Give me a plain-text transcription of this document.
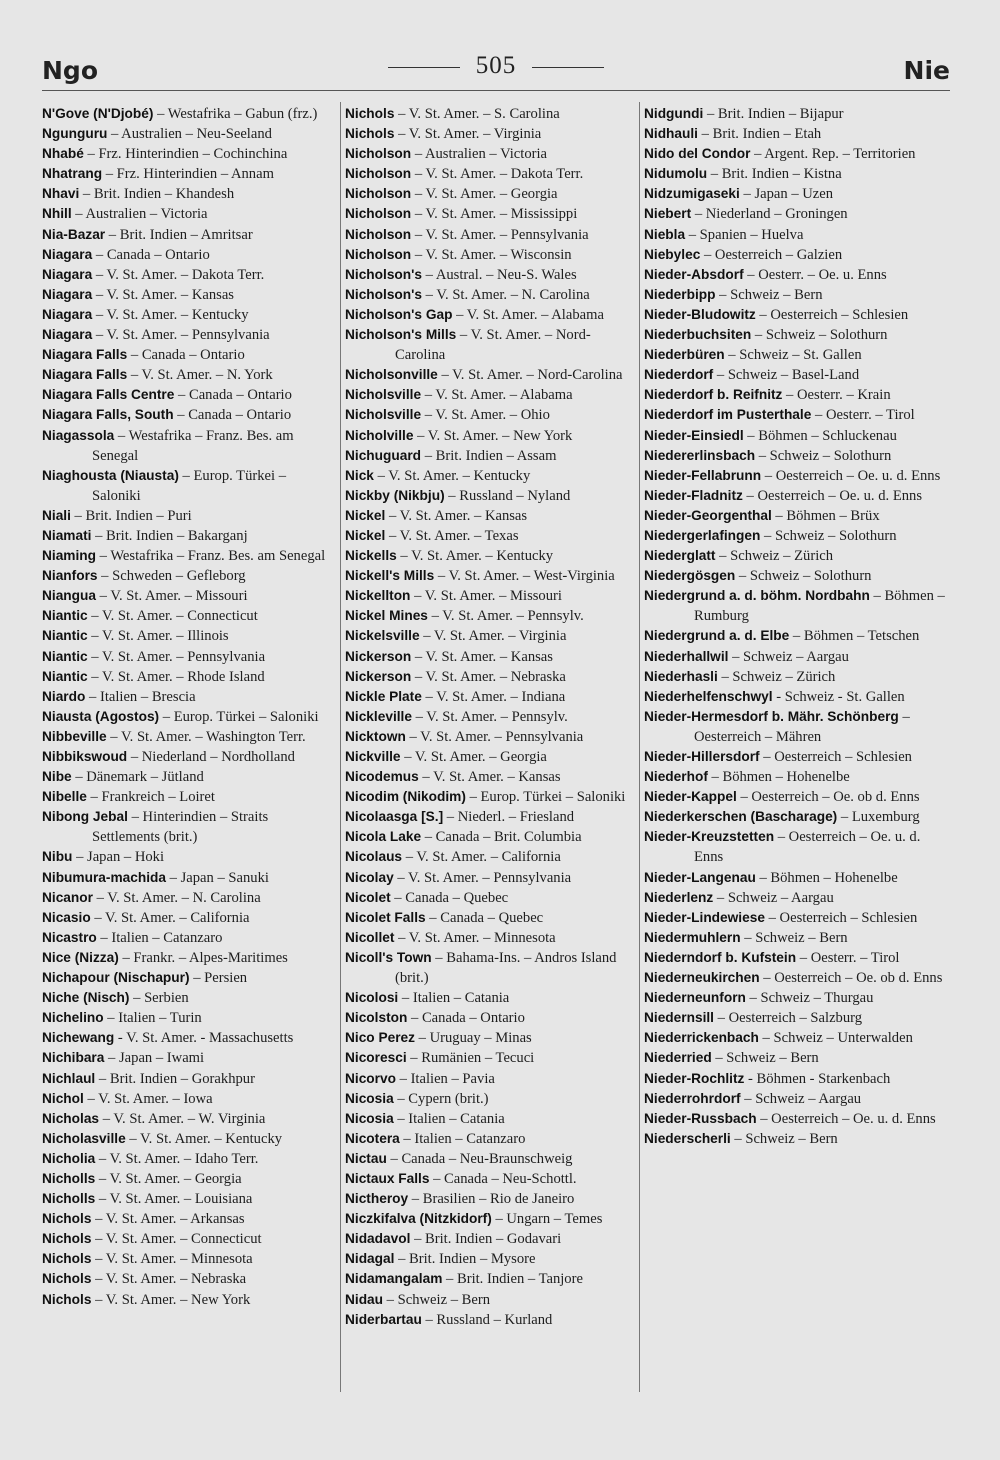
Ngo	505	Nie
N'Gove (N'Djobé) – Westafrika – Gabun (frz.)
Ngunguru – Australien – Neu-Seeland
Nhabé – Frz. Hinterindien – Cochinchina
Nhatrang – Frz. Hinterindien – Annam
Nhavi – Brit. Indien – Khandesh
Nhill – Australien – Victoria
Nia-Bazar – Brit. Indien – Amritsar
Niagara – Canada – Ontario
Niagara – V. St. Amer. – Dakota Terr.
Niagara – V. St. Amer. – Kansas
Niagara – V. St. Amer. – Kentucky
Niagara – V. St. Amer. – Pennsylvania
Niagara Falls – Canada – Ontario
Niagara Falls – V. St. Amer. – N. York
Niagara Falls Centre – Canada – Ontario
Niagara Falls, South – Canada – Ontario
Niagassola – Westafrika – Franz. Bes. am Senegal
Niaghousta (Niausta) – Europ. Türkei – Saloniki
Niali – Brit. Indien – Puri
Niamati – Brit. Indien – Bakarganj
Niaming – Westafrika – Franz. Bes. am Senegal
Nianfors – Schweden – Gefleborg
Niangua – V. St. Amer. – Missouri
Niantic – V. St. Amer. – Connecticut
Niantic – V. St. Amer. – Illinois
Niantic – V. St. Amer. – Pennsylvania
Niantic – V. St. Amer. – Rhode Island
Niardo – Italien – Brescia
Niausta (Agostos) – Europ. Türkei – Saloniki
Nibbeville – V. St. Amer. – Washington Terr.
Nibbikswoud – Niederland – Nordholland
Nibe – Dänemark – Jütland
Nibelle – Frankreich – Loiret
Nibong Jebal – Hinterindien – Straits Settlements (brit.)
Nibu – Japan – Hoki
Nibumura-machida – Japan – Sanuki
Nicanor – V. St. Amer. – N. Carolina
Nicasio – V. St. Amer. – California
Nicastro – Italien – Catanzaro
Nice (Nizza) – Frankr. – Alpes-Maritimes
Nichapour (Nischapur) – Persien
Niche (Nisch) – Serbien
Nichelino – Italien – Turin
Nichewang - V. St. Amer. - Massachusetts
Nichibara – Japan – Iwami
Nichlaul – Brit. Indien – Gorakhpur
Nichol – V. St. Amer. – Iowa
Nicholas – V. St. Amer. – W. Virginia
Nicholasville – V. St. Amer. – Kentucky
Nicholia – V. St. Amer. – Idaho Terr.
Nicholls – V. St. Amer. – Georgia
Nicholls – V. St. Amer. – Louisiana
Nichols – V. St. Amer. – Arkansas
Nichols – V. St. Amer. – Connecticut
Nichols – V. St. Amer. – Minnesota
Nichols – V. St. Amer. – Nebraska
Nichols – V. St. Amer. – New York
Nichols – V. St. Amer. – S. Carolina
Nichols – V. St. Amer. – Virginia
Nicholson – Australien – Victoria
Nicholson – V. St. Amer. – Dakota Terr.
Nicholson – V. St. Amer. – Georgia
Nicholson – V. St. Amer. – Mississippi
Nicholson – V. St. Amer. – Pennsylvania
Nicholson – V. St. Amer. – Wisconsin
Nicholson's – Austral. – Neu-S. Wales
Nicholson's – V. St. Amer. – N. Carolina
Nicholson's Gap – V. St. Amer. – Alabama
Nicholson's Mills – V. St. Amer. – Nord-Carolina
Nicholsonville – V. St. Amer. – Nord-Carolina
Nicholsville – V. St. Amer. – Alabama
Nicholsville – V. St. Amer. – Ohio
Nicholville – V. St. Amer. – New York
Nichuguard – Brit. Indien – Assam
Nick – V. St. Amer. – Kentucky
Nickby (Nikbju) – Russland – Nyland
Nickel – V. St. Amer. – Kansas
Nickel – V. St. Amer. – Texas
Nickells – V. St. Amer. – Kentucky
Nickell's Mills – V. St. Amer. – West-Virginia
Nickellton – V. St. Amer. – Missouri
Nickel Mines – V. St. Amer. – Pennsylv.
Nickelsville – V. St. Amer. – Virginia
Nickerson – V. St. Amer. – Kansas
Nickerson – V. St. Amer. – Nebraska
Nickle Plate – V. St. Amer. – Indiana
Nickleville – V. St. Amer. – Pennsylv.
Nicktown – V. St. Amer. – Pennsylvania
Nickville – V. St. Amer. – Georgia
Nicodemus – V. St. Amer. – Kansas
Nicodim (Nikodim) – Europ. Türkei – Saloniki
Nicolaasga [S.] – Niederl. – Friesland
Nicola Lake – Canada – Brit. Columbia
Nicolaus – V. St. Amer. – California
Nicolay – V. St. Amer. – Pennsylvania
Nicolet – Canada – Quebec
Nicolet Falls – Canada – Quebec
Nicollet – V. St. Amer. – Minnesota
Nicoll's Town – Bahama-Ins. – Andros Island (brit.)
Nicolosi – Italien – Catania
Nicolston – Canada – Ontario
Nico Perez – Uruguay – Minas
Nicoresci – Rumänien – Tecuci
Nicorvo – Italien – Pavia
Nicosia – Cypern (brit.)
Nicosia – Italien – Catania
Nicotera – Italien – Catanzaro
Nictau – Canada – Neu-Braunschweig
Nictaux Falls – Canada – Neu-Schottl.
Nictheroy – Brasilien – Rio de Janeiro
Niczkifalva (Nitzkidorf) – Ungarn – Temes
Nidadavol – Brit. Indien – Godavari
Nidagal – Brit. Indien – Mysore
Nidamangalam – Brit. Indien – Tanjore
Nidau – Schweiz – Bern
Niderbartau – Russland – Kurland
Nidgundi – Brit. Indien – Bijapur
Nidhauli – Brit. Indien – Etah
Nido del Condor – Argent. Rep. – Territorien
Nidumolu – Brit. Indien – Kistna
Nidzumigaseki – Japan – Uzen
Niebert – Niederland – Groningen
Niebla – Spanien – Huelva
Niebylec – Oesterreich – Galzien
Nieder-Absdorf – Oesterr. – Oe. u. Enns
Niederbipp – Schweiz – Bern
Nieder-Bludowitz – Oesterreich – Schlesien
Niederbuchsiten – Schweiz – Solothurn
Niederbüren – Schweiz – St. Gallen
Niederdorf – Schweiz – Basel-Land
Niederdorf b. Reifnitz – Oesterr. – Krain
Niederdorf im Pusterthale – Oesterr. – Tirol
Nieder-Einsiedl – Böhmen – Schluckenau
Niedererlinsbach – Schweiz – Solothurn
Nieder-Fellabrunn – Oesterreich – Oe. u. d. Enns
Nieder-Fladnitz – Oesterreich – Oe. u. d. Enns
Nieder-Georgenthal – Böhmen – Brüx
Niedergerlafingen – Schweiz – Solothurn
Niederglatt – Schweiz – Zürich
Niedergösgen – Schweiz – Solothurn
Niedergrund a. d. böhm. Nordbahn – Böhmen – Rumburg
Niedergrund a. d. Elbe – Böhmen – Tetschen
Niederhallwil – Schweiz – Aargau
Niederhasli – Schweiz – Zürich
Niederhelfenschwyl - Schweiz - St. Gallen
Nieder-Hermesdorf b. Mähr. Schönberg – Oesterreich – Mähren
Nieder-Hillersdorf – Oesterreich – Schlesien
Niederhof – Böhmen – Hohenelbe
Nieder-Kappel – Oesterreich – Oe. ob d. Enns
Niederkerschen (Bascharage) – Luxemburg
Nieder-Kreuzstetten – Oesterreich – Oe. u. d. Enns
Nieder-Langenau – Böhmen – Hohenelbe
Niederlenz – Schweiz – Aargau
Nieder-Lindewiese – Oesterreich – Schlesien
Niedermuhlern – Schweiz – Bern
Niederndorf b. Kufstein – Oesterr. – Tirol
Niederneukirchen – Oesterreich – Oe. ob d. Enns
Niederneunforn – Schweiz – Thurgau
Niedernsill – Oesterreich – Salzburg
Niederrickenbach – Schweiz – Unterwalden
Niederried – Schweiz – Bern
Nieder-Rochlitz - Böhmen - Starkenbach
Niederrohrdorf – Schweiz – Aargau
Nieder-Russbach – Oesterreich – Oe. u. d. Enns
Niederscherli – Schweiz – Bern
